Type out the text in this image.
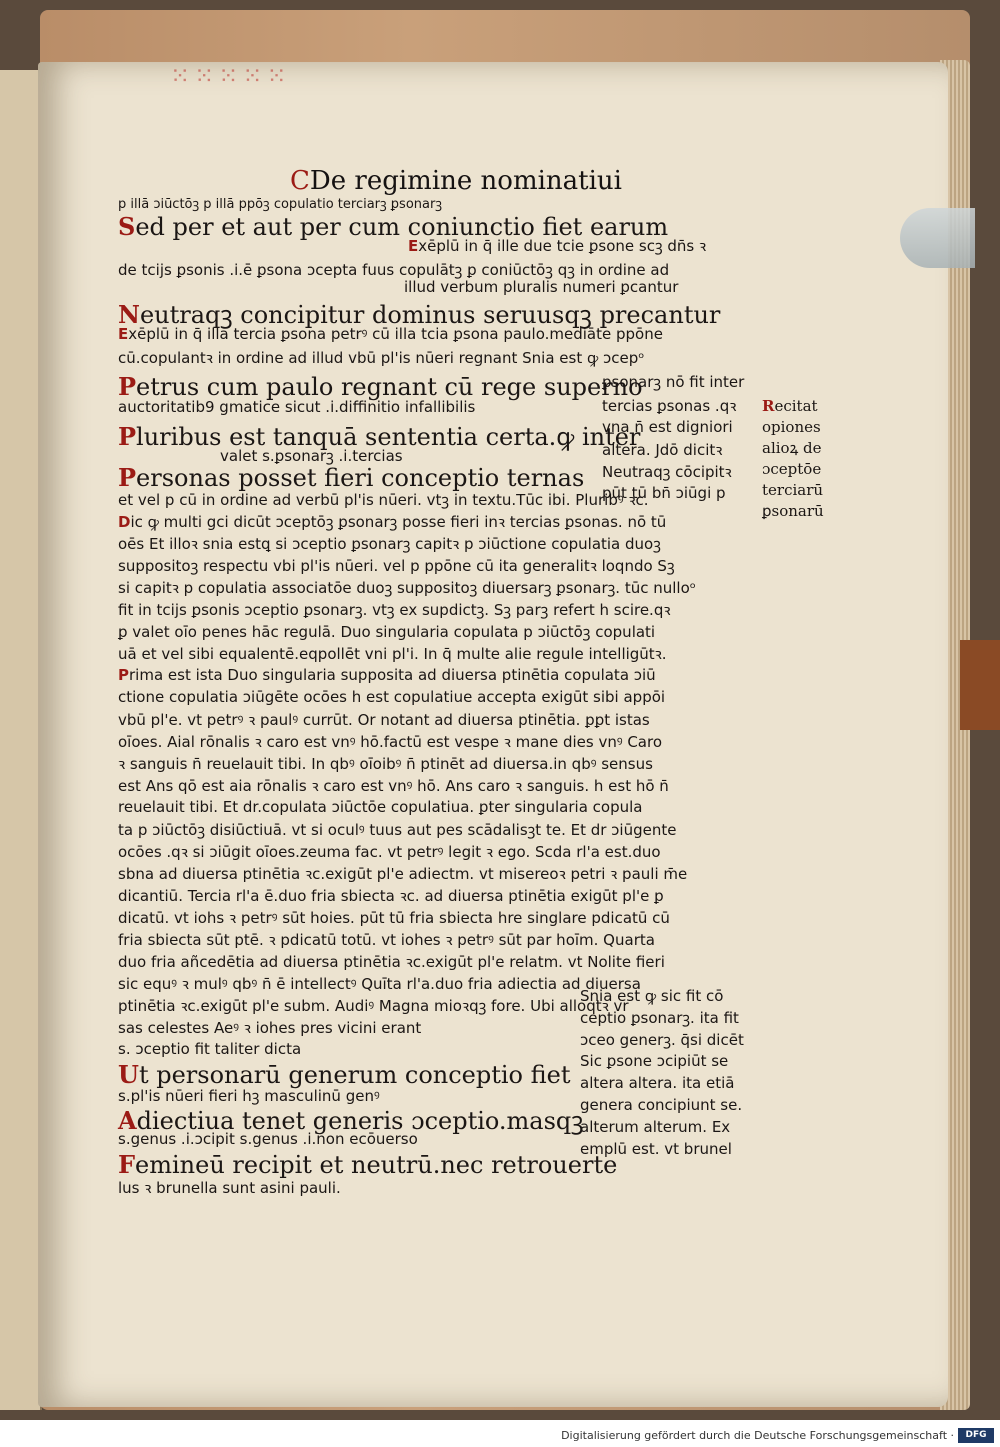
⁙⁙⁙⁙⁙
CDe regimine nominatiui
p illā ɔiūctōꝫ p illā ppōꝫ copulatio terciarꝫ ꝑsonarꝫ
Sed per et aut per cum coniunctio fiet earum
Exēplū in q̄ ille due tcie ꝑsone scꝫ dn̄s ꝛ
de tcijs ꝑsonis .i.ē ꝑsona ɔcepta fuus copulātꝫ ꝑ coniūctōꝫ qꝫ in ordine ad
illud verbum pluralis numeri ꝑcantur
Neutraqꝫ concipitur dominus seruusqꝫ precantur
Exēplū in q̄ illa tercia ꝑsona petrꝰ cū illa tcia ꝑsona paulo.mediāte ppōne
cū.copulantꝛ in ordine ad illud vbū pl'is nūeri regnant Snia est ꝙ ɔcepᵒ
Petrus cum paulo regnant cū rege superno
auctoritatib9 gmatice sicut .i.diffinitio infallibilis
Pluribus est tanquā sententia certa.ꝙ inter
valet s.ꝑsonarꝫ .i.tercias
Personas posset fieri conceptio ternas
et vel p cū in ordine ad verbū pl'is nūeri. vtꝫ in textu.Tūc ibi. Pluribꝰ ꝛc.
Dic ꝙ multi gci dicūt ɔceptōꝫ ꝑsonarꝫ posse fieri inꝛ tercias ꝑsonas. nō tū
oēs Et illoꝛ snia estꝗ si ɔceptio ꝑsonarꝫ capitꝛ p ɔiūctione copulatia duoꝫ
suppositoꝫ respectu vbi pl'is nūeri. vel p ppōne cū ita generalitꝛ loqndo Sꝫ
si capitꝛ p copulatia associatōe duoꝫ suppositoꝫ diuersarꝫ ꝑsonarꝫ. tūc nulloᵒ
fit in tcijs ꝑsonis ɔceptio ꝑsonarꝫ. vtꝫ ex supdictꝫ. Sꝫ parꝫ refert h scire.qꝛ
ꝑ valet oīo penes hāc regulā. Duo singularia copulata p ɔiūctōꝫ copulati
uā et vel sibi equalentē.eqpollēt vni pl'i. In q̄ multe alie regule intelligūtꝛ.
Prima est ista Duo singularia supposita ad diuersa ptinētia copulata ɔiū
ctione copulatia ɔiūgēte ocōes h est copulatiue accepta exigūt sibi appōi
vbū pl'e. vt petrꝰ ꝛ paulꝰ currūt. Or notant ad diuersa ptinētia. ꝑꝑt istas
oīoes. Aial rōnalis ꝛ caro est vnꝰ hō.factū est vespe ꝛ mane dies vnꝰ Caro
ꝛ sanguis n̄ reuelauit tibi. In qbꝰ oīoibꝰ n̄ ptinēt ad diuersa.in qbꝰ sensus
est Ans qō est aia rōnalis ꝛ caro est vnꝰ hō. Ans caro ꝛ sanguis. h est hō n̄
reuelauit tibi. Et dr.copulata ɔiūctōe copulatiua. ꝑter singularia copula
ta p ɔiūctōꝫ disiūctiuā. vt si oculꝰ tuus aut pes scādalisꝫt te. Et dr ɔiūgente
ocōes .qꝛ si ɔiūgit oīoes.zeuma fac. vt petrꝰ legit ꝛ ego. Scda rl'a est.duo
sbna ad diuersa ptinētia ꝛc.exigūt pl'e adiectm. vt misereoꝛ petri ꝛ pauli m̄e
dicantiū. Tercia rl'a ē.duo fria sbiecta ꝛc. ad diuersa ptinētia exigūt pl'e ꝑ
dicatū. vt iohs ꝛ petrꝰ sūt hoies. pūt tū fria sbiecta hre singlare pdicatū cū
fria sbiecta sūt ptē. ꝛ pdicatū totū. vt iohes ꝛ petrꝰ sūt par hoīm. Quarta
duo fria añcedētia ad diuersa ptinētia ꝛc.exigūt pl'e relatm. vt Nolite fieri
sic equꝰ ꝛ mulꝰ qbꝰ n̄ ē intellectꝰ Quīta rl'a.duo fria adiectia ad diuersa
ptinētia ꝛc.exigūt pl'e subm. Audiꝰ Magna mioꝛqꝫ fore. Ubi alloqtꝛ vr
sas celestes Aeꝰ ꝛ iohes pres vicini erant
s. ɔceptio fit taliter dicta
Ut personarū generum conceptio fiet
s.pl'is nūeri fieri hꝫ masculinū genꝰ
Adiectiua tenet generis ɔceptio.masqꝫ
s.genus .i.ɔcipit s.genus .i.non ecōuerso
Femineū recipit et neutrū.nec retrouerte
lus ꝛ brunella sunt asini pauli.
ꝑsonarꝫ nō fit inter
tercias ꝑsonas .qꝛ
vna n̄ est digniori
altera. Jdō dicitꝛ
Neutraqꝫ cōcipitꝛ
pūt tū bn̄ ɔiūgi p
Snia est ꝙ sic fit cō
ceptio ꝑsonarꝫ. ita fit
ɔceo generꝫ. q̄si dicēt
Sic ꝑsone ɔcipiūt se
altera altera. ita etiā
genera concipiunt se.
alterum alterum. Ex
emplū est. vt brunel
Recitat
opiones
alioꝝ de
ɔceptōe
terciarū
ꝑsonarū
Digitalisierung gefördert durch die Deutsche Forschungsgemeinschaft ·	DFG
